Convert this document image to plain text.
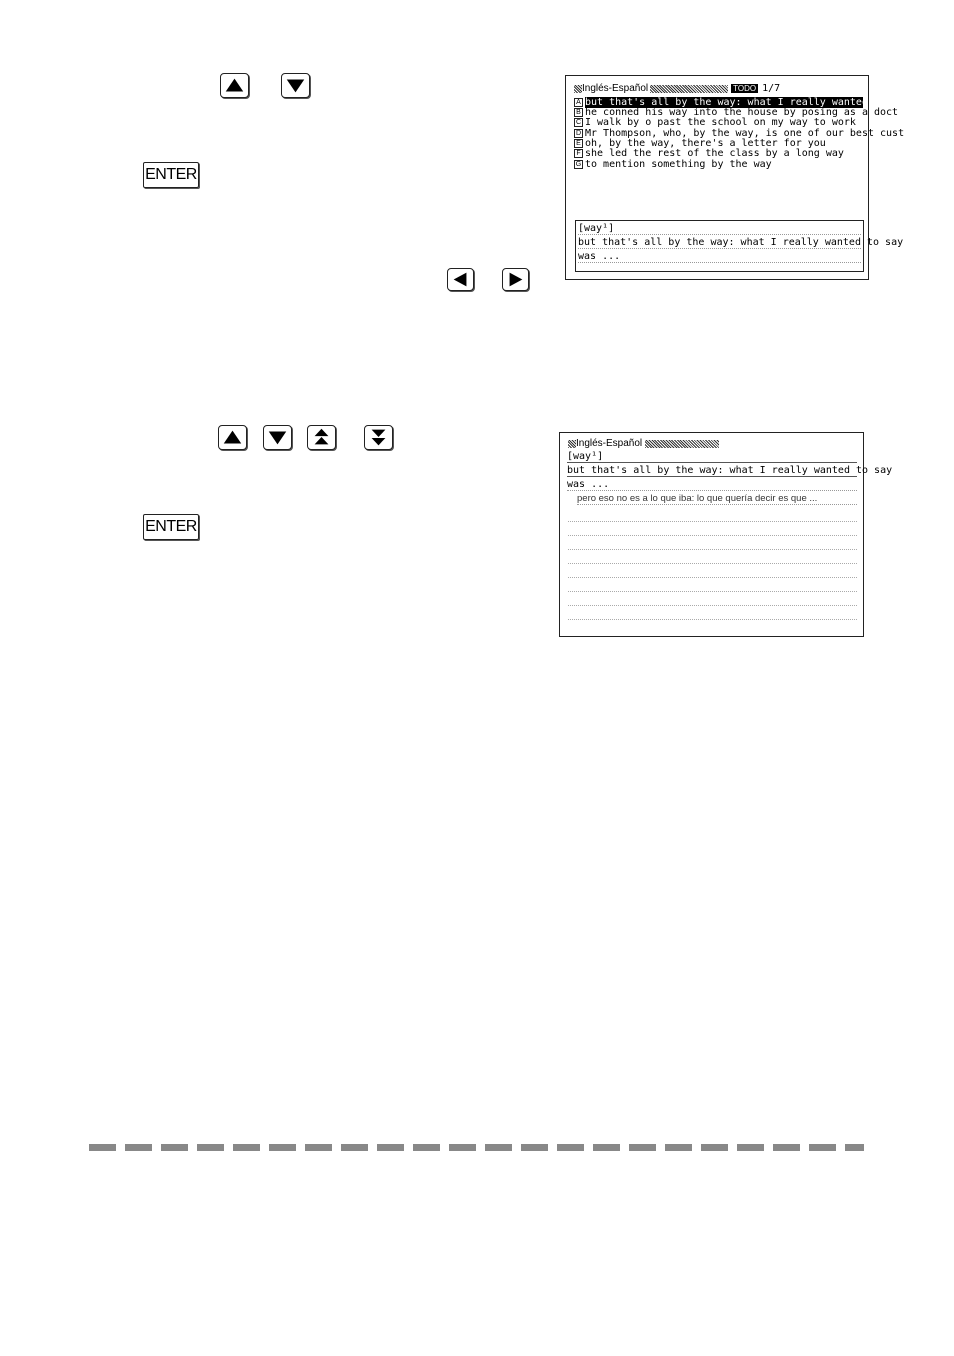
ENTER
Inglés-Español	TODO 1/7
A but that's all by the way: what I really wanted to say
B he conned his way into the house by posing as a doct
C I walk by o past the school on my way to work
D Mr Thompson, who, by the way, is one of our best cust
E oh, by the way, there's a letter for you
F she led the rest of the class by a long way
G to mention something by the way
[way¹]
but that's all by the way: what I really wanted to say
was ...
ENTER
Inglés-Español
[way¹]
but that's all by the way: what I really wanted to say
was ...
pero eso no es a lo que iba: lo que quería decir es que ...
